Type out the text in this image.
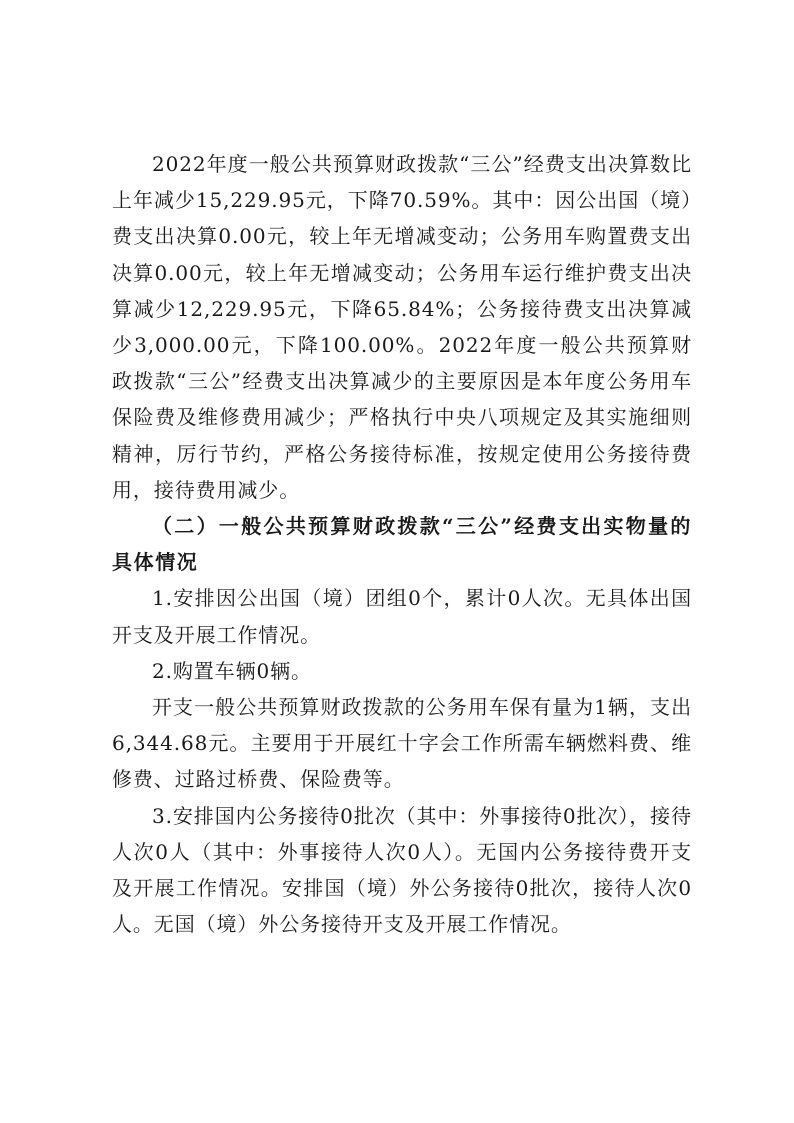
2022年度一般公共预算财政拨款“三公”经费支出决算数比上年减少15,229.95元，下降70.59%。其中：因公出国（境）费支出决算0.00元，较上年无增减变动；公务用车购置费支出决算0.00元，较上年无增减变动；公务用车运行维护费支出决算减少12,229.95元，下降65.84%；公务接待费支出决算减少3,000.00元，下降100.00%。2022年度一般公共预算财政拨款“三公”经费支出决算减少的主要原因是本年度公务用车保险费及维修费用减少；严格执行中央八项规定及其实施细则精神，厉行节约，严格公务接待标准，按规定使用公务接待费用，接待费用减少。

（二）一般公共预算财政拨款“三公”经费支出实物量的具体情况

1.安排因公出国（境）团组0个，累计0人次。无具体出国开支及开展工作情况。

2.购置车辆0辆。

开支一般公共预算财政拨款的公务用车保有量为1辆，支出6,344.68元。主要用于开展红十字会工作所需车辆燃料费、维修费、过路过桥费、保险费等。

3.安排国内公务接待0批次（其中：外事接待0批次），接待人次0人（其中：外事接待人次0人）。无国内公务接待费开支及开展工作情况。安排国（境）外公务接待0批次，接待人次0人。无国（境）外公务接待开支及开展工作情况。
